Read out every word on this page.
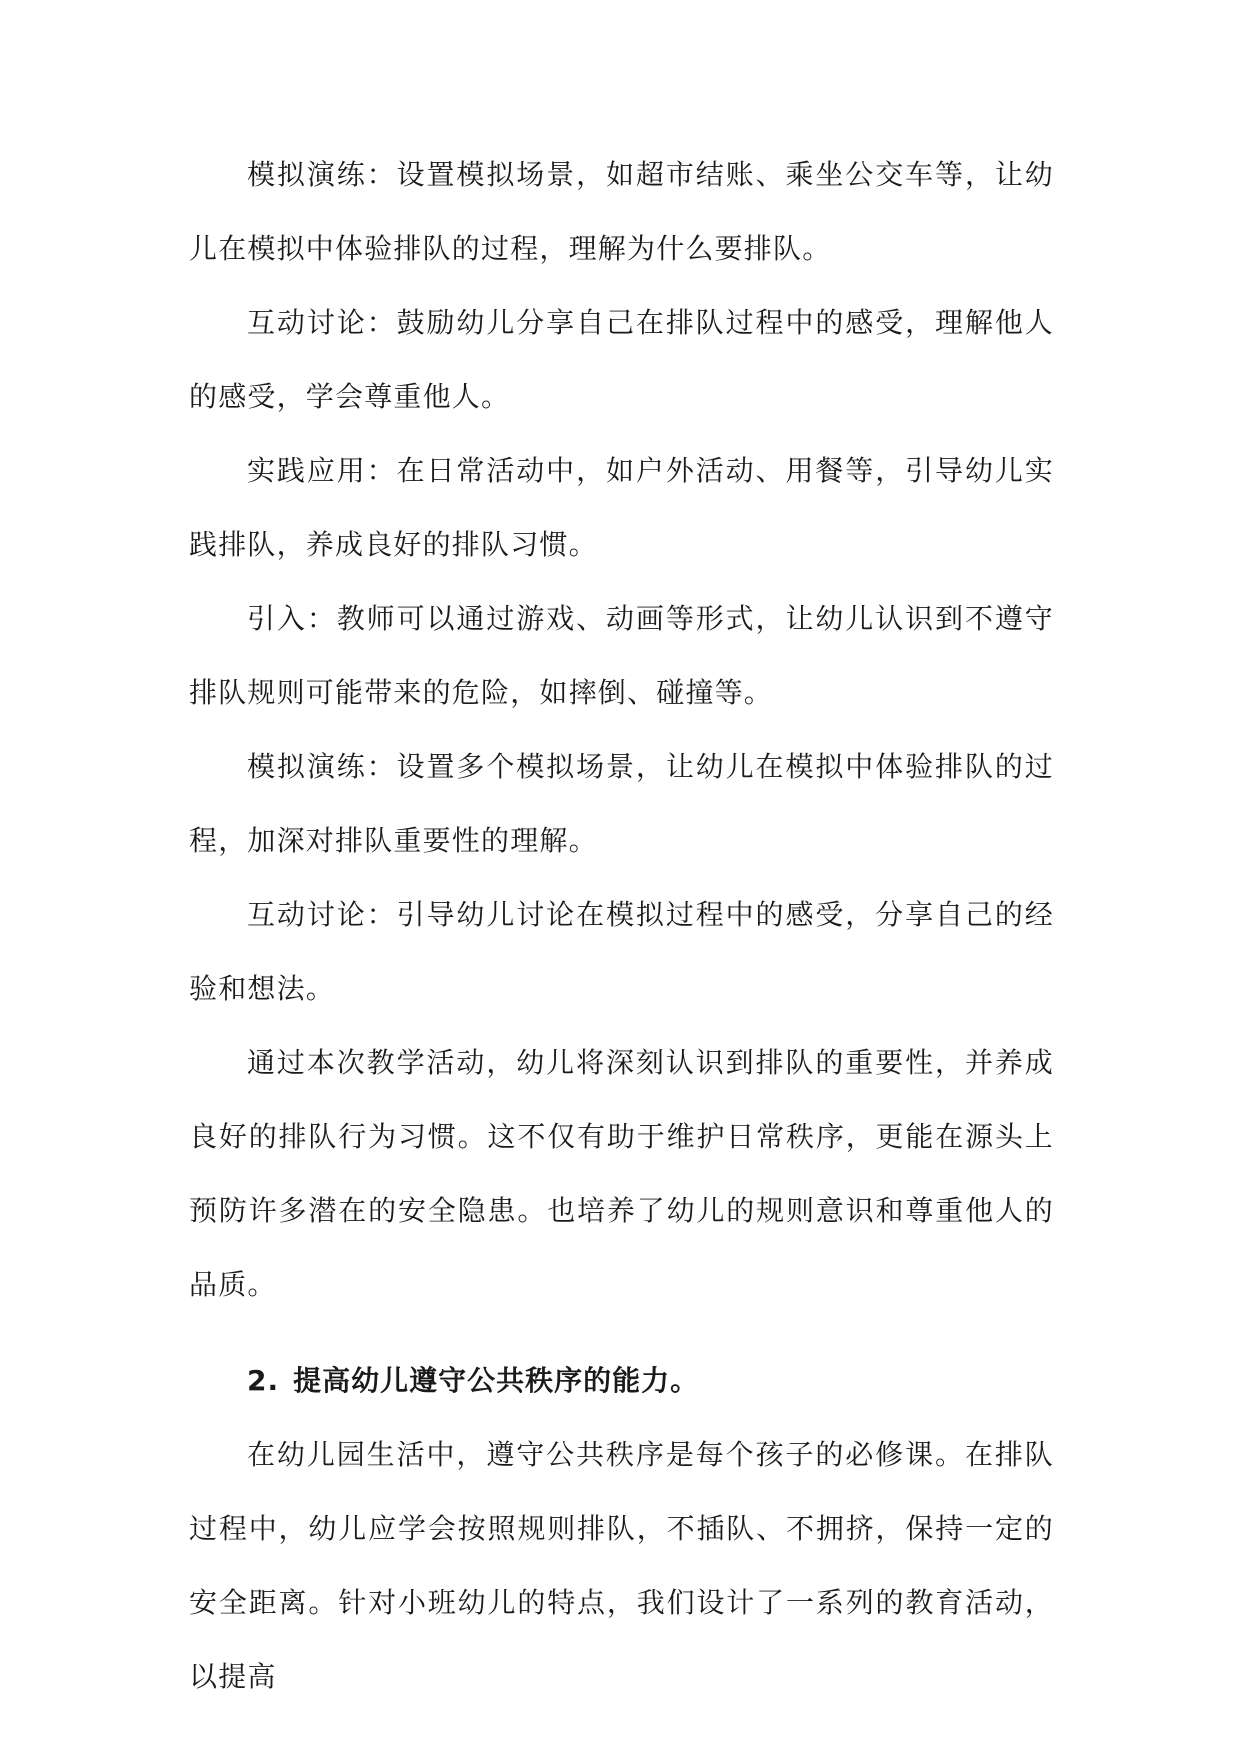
模拟演练：设置模拟场景，如超市结账、乘坐公交车等，让幼儿在模拟中体验排队的过程，理解为什么要排队。

互动讨论：鼓励幼儿分享自己在排队过程中的感受，理解他人的感受，学会尊重他人。

实践应用：在日常活动中，如户外活动、用餐等，引导幼儿实践排队，养成良好的排队习惯。

引入：教师可以通过游戏、动画等形式，让幼儿认识到不遵守排队规则可能带来的危险，如摔倒、碰撞等。

模拟演练：设置多个模拟场景，让幼儿在模拟中体验排队的过程，加深对排队重要性的理解。

互动讨论：引导幼儿讨论在模拟过程中的感受，分享自己的经验和想法。

通过本次教学活动，幼儿将深刻认识到排队的重要性，并养成良好的排队行为习惯。这不仅有助于维护日常秩序，更能在源头上预防许多潜在的安全隐患。也培养了幼儿的规则意识和尊重他人的品质。

2. 提高幼儿遵守公共秩序的能力。

在幼儿园生活中，遵守公共秩序是每个孩子的必修课。在排队过程中，幼儿应学会按照规则排队，不插队、不拥挤，保持一定的安全距离。针对小班幼儿的特点，我们设计了一系列的教育活动，以提高
